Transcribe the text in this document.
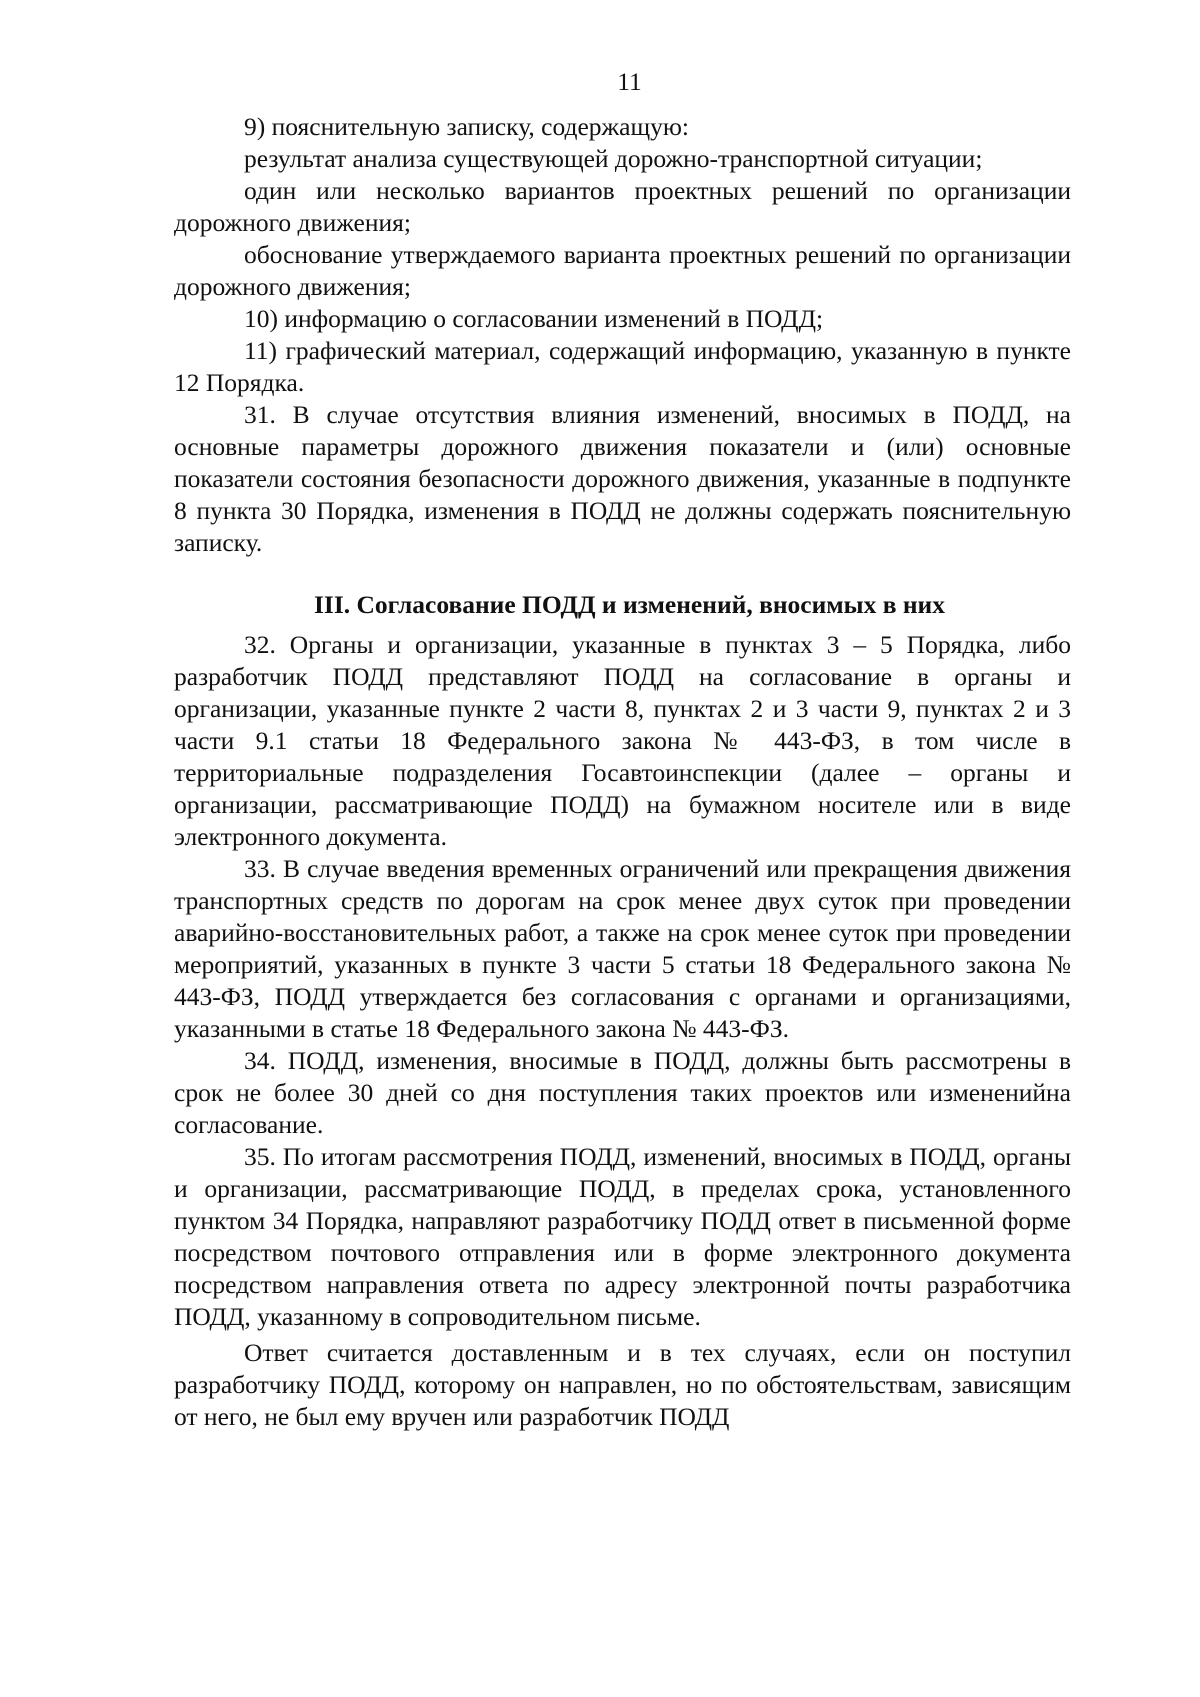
11

9) пояснительную записку, содержащую:

результат анализа существующей дорожно-транспортной ситуации;

один или несколько вариантов проектных решений по организации дорожного движения;

обоснование утверждаемого варианта проектных решений по организации дорожного движения;

10) информацию о согласовании изменений в ПОДД;

11) графический материал, содержащий информацию, указанную в пункте 12 Порядка.

31. В случае отсутствия влияния изменений, вносимых в ПОДД, на основные параметры дорожного движения показатели и (или) основные показатели состояния безопасности дорожного движения, указанные в подпункте 8 пункта 30 Порядка, изменения в ПОДД не должны содержать пояснительную записку.

III. Согласование ПОДД и изменений, вносимых в них

32. Органы и организации, указанные в пунктах 3 – 5 Порядка, либо разработчик ПОДД представляют ПОДД на согласование в органы и организации, указанные пункте 2 части 8, пунктах 2 и 3 части 9, пунктах 2 и 3 части 9.1 статьи 18 Федерального закона № 443-ФЗ, в том числе в территориальные подразделения Госавтоинспекции (далее – органы и организации, рассматривающие ПОДД) на бумажном носителе или в виде электронного документа.

33. В случае введения временных ограничений или прекращения движения транспортных средств по дорогам на срок менее двух суток при проведении аварийно-восстановительных работ, а также на срок менее суток при проведении мероприятий, указанных в пункте 3 части 5 статьи 18 Федерального закона № 443-ФЗ, ПОДД утверждается без согласования с органами и организациями, указанными в статье 18 Федерального закона № 443-ФЗ.

34. ПОДД, изменения, вносимые в ПОДД, должны быть рассмотрены в срок не более 30 дней со дня поступления таких проектов или измененийна согласование.

35. По итогам рассмотрения ПОДД, изменений, вносимых в ПОДД, органы и организации, рассматривающие ПОДД, в пределах срока, установленного пунктом 34 Порядка, направляют разработчику ПОДД ответ в письменной форме посредством почтового отправления или в форме электронного документа посредством направления ответа по адресу электронной почты разработчика ПОДД, указанному в сопроводительном письме.

Ответ считается доставленным и в тех случаях, если он поступил разработчику ПОДД, которому он направлен, но по обстоятельствам, зависящим от него, не был ему вручен или разработчик ПОДД
